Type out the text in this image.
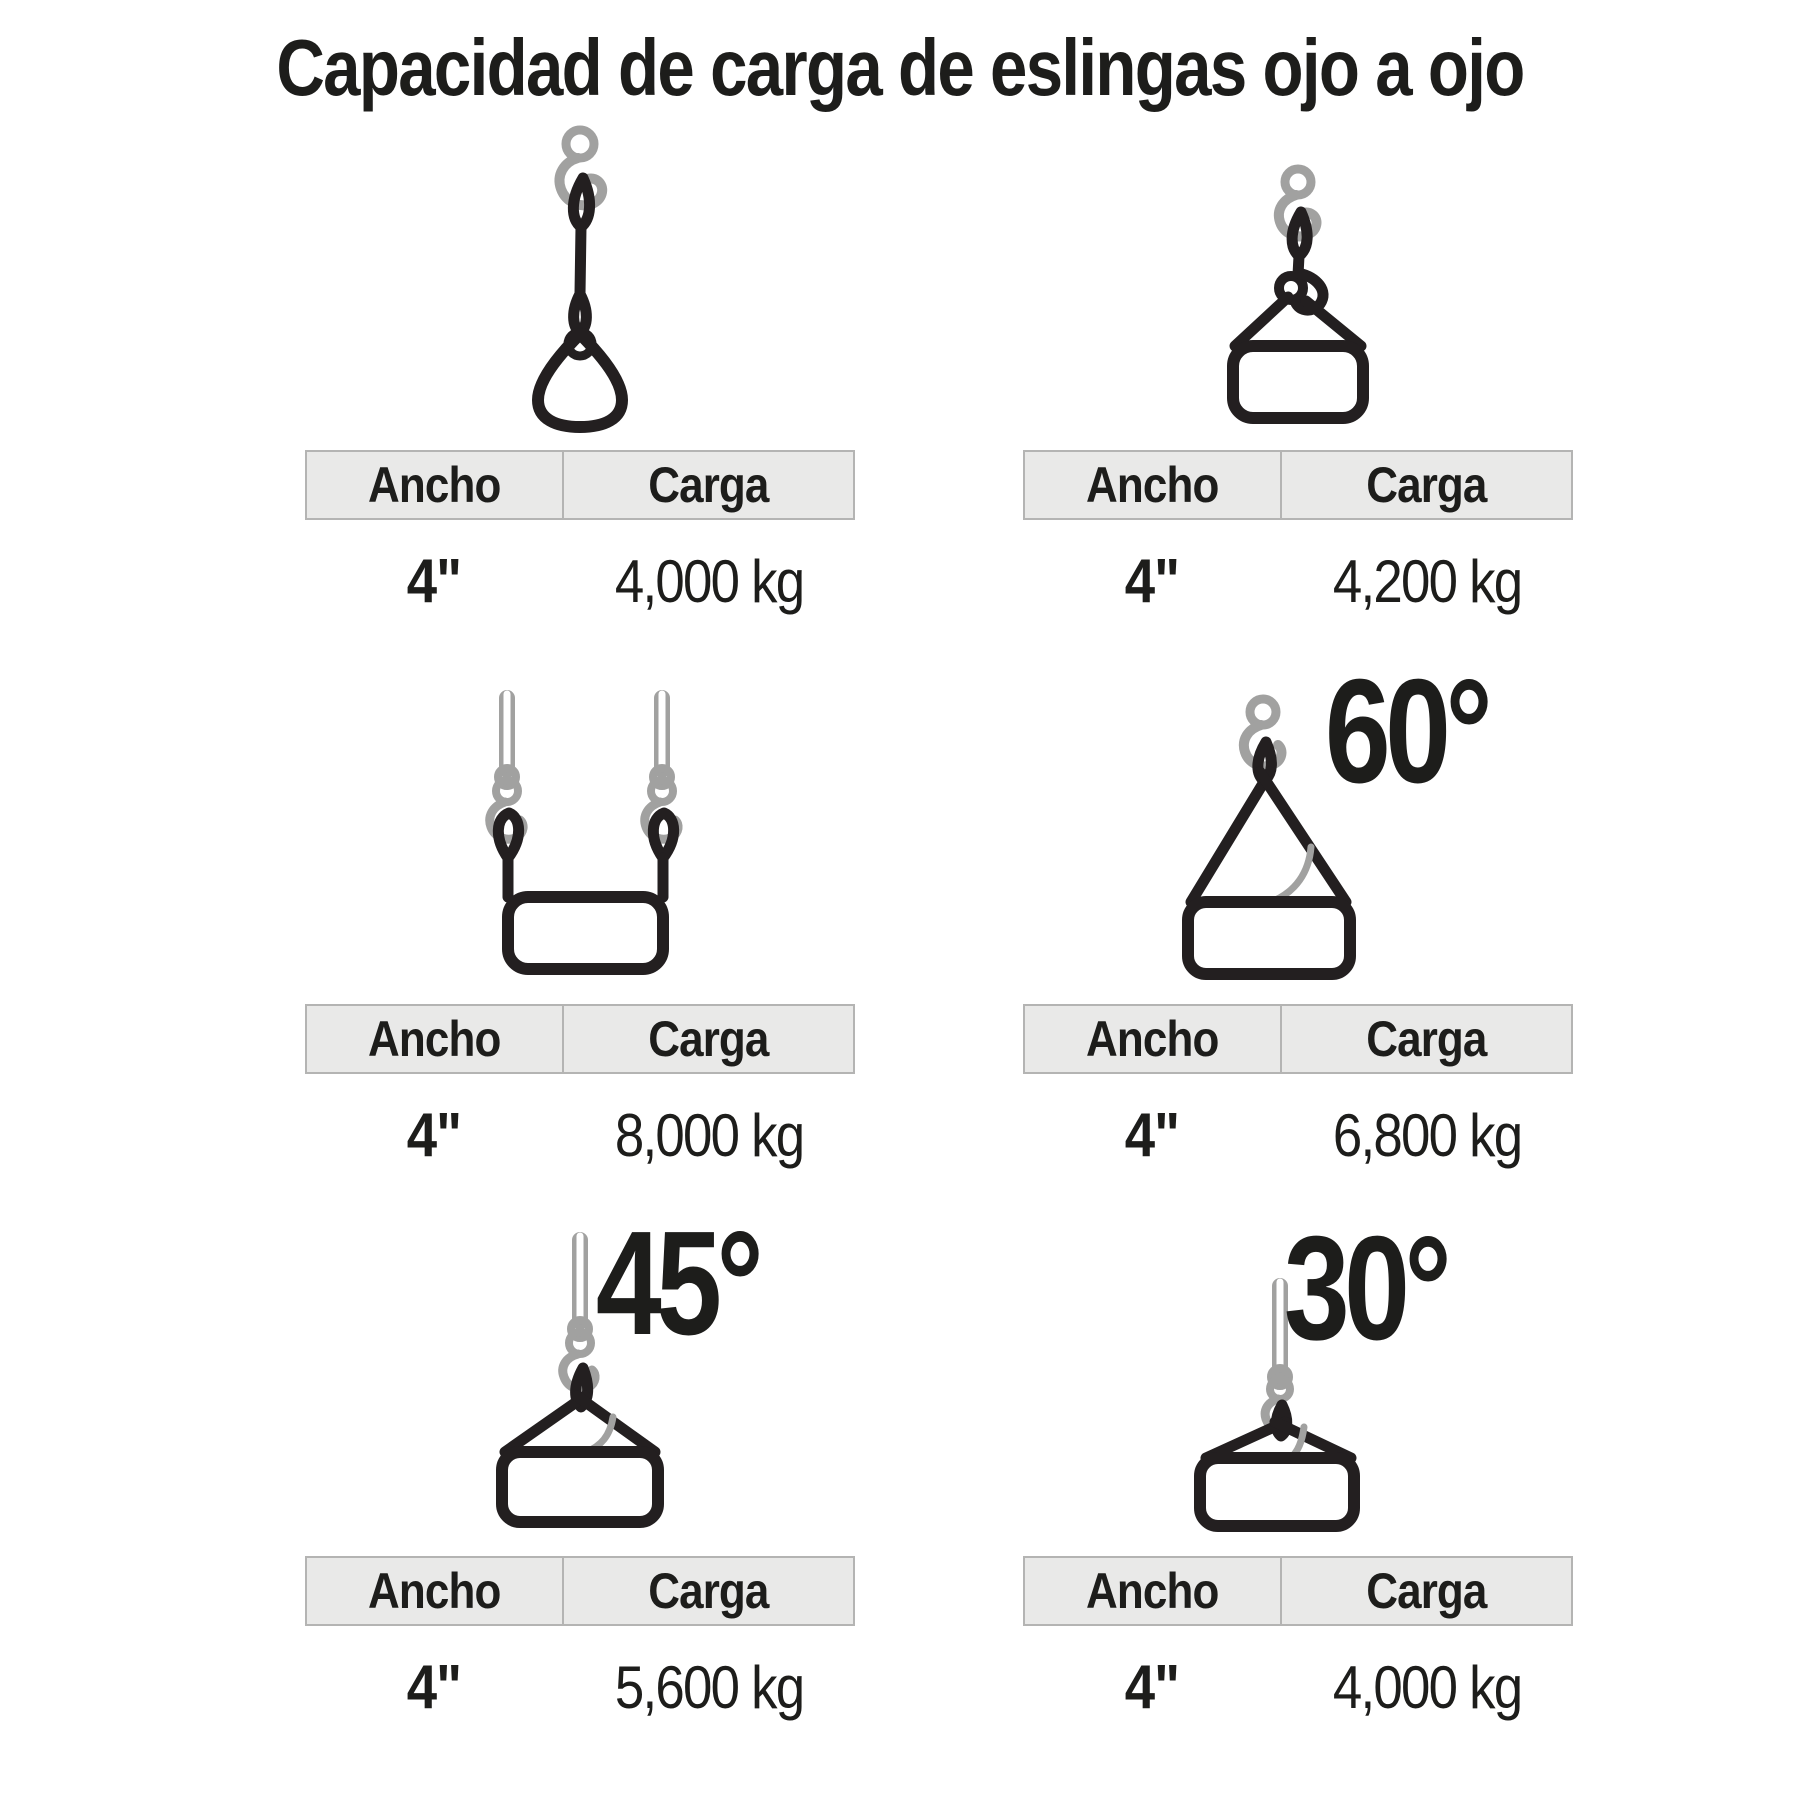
Capacidad de carga de eslingas ojo a ojo
Ancho	Carga
4"	4,000 kg
Ancho	Carga
4"	4,200 kg
Ancho	Carga
4"	8,000 kg
60°
Ancho	Carga
4"	6,800 kg
45°
Ancho	Carga
4"	5,600 kg
30°
Ancho	Carga
4"	4,000 kg
